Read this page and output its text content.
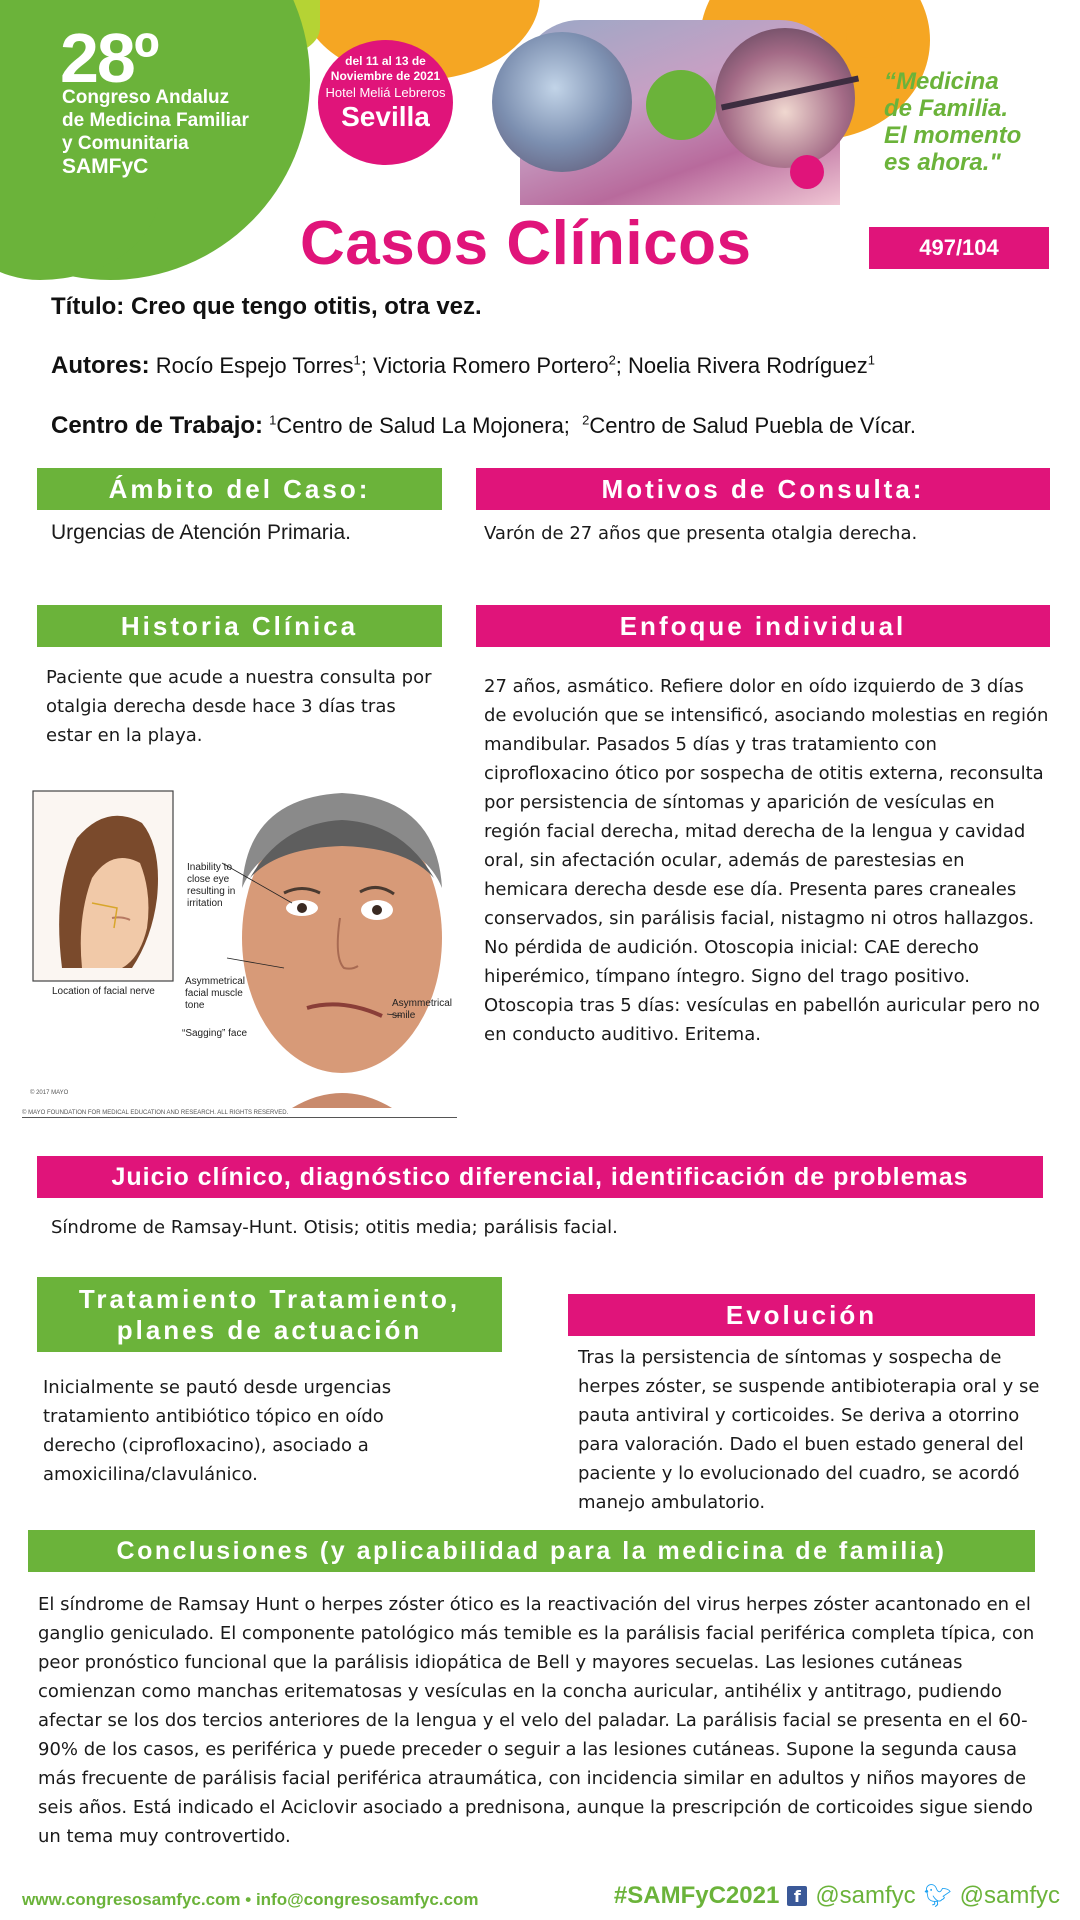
28º
Congreso Andaluz
de Medicina Familiar
y Comunitaria
SAMFyC
del 11 al 13 de
Noviembre de 2021
Hotel Meliá Lebreros
Sevilla
“Medicina
de Familia.
El momento
es ahora."
Casos Clínicos	497/104
Título: Creo que tengo otitis, otra vez.
Autores: Rocío Espejo Torres$^1$; Victoria Romero Portero$^2$; Noelia Rivera Rodríguez$^1$
Centro de Trabajo: $^1$Centro de Salud La Mojonera; $^2$Centro de Salud Puebla de Vícar.
Ámbito del Caso:
Urgencias de Atención Primaria.
Motivos de Consulta:
Varón de 27 años que presenta otalgia derecha.
Historia Clínica
Paciente que acude a nuestra consulta por otalgia derecha desde hace 3 días tras estar en la playa.
Inability to close eye resulting in irritation
Location of facial nerve
Asymmetrical facial muscle tone
“Sagging” face
Asymmetrical smile
© 2017 MAYO
© MAYO FOUNDATION FOR MEDICAL EDUCATION AND RESEARCH. ALL RIGHTS RESERVED.
Enfoque individual
27 años, asmático. Refiere dolor en oído izquierdo de 3 días de evolución que se intensificó, asociando molestias en región mandibular. Pasados 5 días y tras tratamiento con ciprofloxacino ótico por sospecha de otitis externa, reconsulta por persistencia de síntomas y aparición de vesículas en región facial derecha, mitad derecha de la lengua y cavidad oral, sin afectación ocular, además de parestesias en hemicara derecha desde ese día. Presenta pares craneales conservados, sin parálisis facial, nistagmo ni otros hallazgos. No pérdida de audición. Otoscopia inicial: CAE derecho hiperémico, tímpano íntegro. Signo del trago positivo. Otoscopia tras 5 días: vesículas en pabellón auricular pero no en conducto auditivo. Eritema.
Juicio clínico, diagnóstico diferencial, identificación de problemas
Síndrome de Ramsay-Hunt. Otisis; otitis media; parálisis facial.
Tratamiento Tratamiento,
planes de actuación
Inicialmente se pautó desde urgencias tratamiento antibiótico tópico en oído derecho (ciprofloxacino), asociado a amoxicilina/clavulánico.
Evolución
Tras la persistencia de síntomas y sospecha de herpes zóster, se suspende antibioterapia oral y se pauta antiviral y corticoides. Se deriva a otorrino para valoración. Dado el buen estado general del paciente y lo evolucionado del cuadro, se acordó manejo ambulatorio.
Conclusiones (y aplicabilidad para la medicina de familia)
El síndrome de Ramsay Hunt o herpes zóster ótico es la reactivación del virus herpes zóster acantonado en el ganglio geniculado. El componente patológico más temible es la parálisis facial periférica completa típica, con peor pronóstico funcional que la parálisis idiopática de Bell y mayores secuelas. Las lesiones cutáneas comienzan como manchas eritematosas y vesículas en la concha auricular, antihélix y antitrago, pudiendo afectar se los dos tercios anteriores de la lengua y el velo del paladar. La parálisis facial se presenta en el 60-90% de los casos, es periférica y puede preceder o seguir a las lesiones cutáneas. Supone la segunda causa más frecuente de parálisis facial periférica atraumática, con incidencia similar en adultos y niños mayores de seis años. Está indicado el Aciclovir asociado a prednisona, aunque la prescripción de corticoides sigue siendo un tema muy controvertido.
www.congresosamfyc.com • info@congresosamfyc.com	#SAMFyC2021 f @samfyc 🐦︎ @samfyc
